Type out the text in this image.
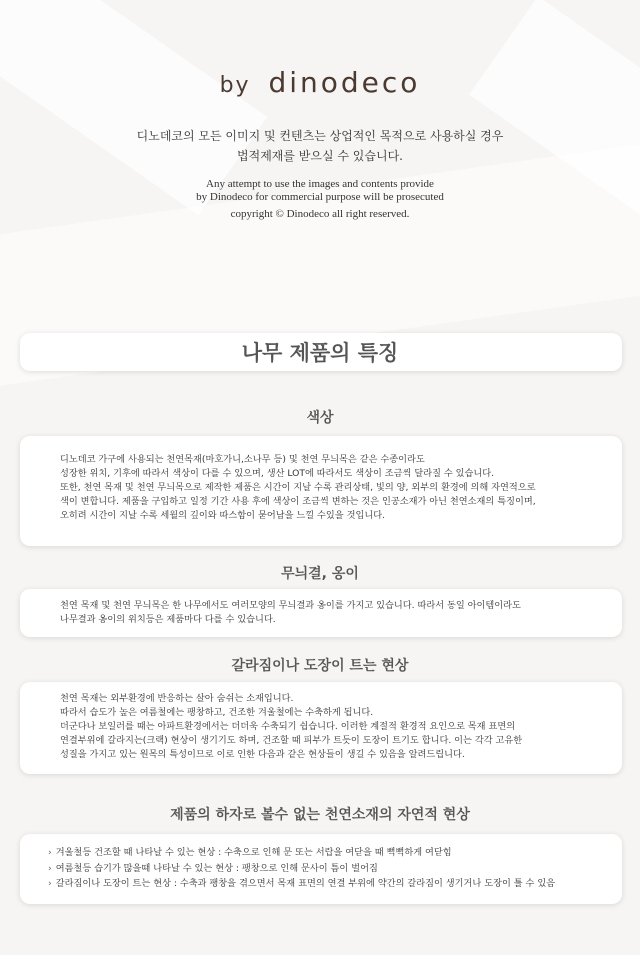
by dinodeco
디노데코의 모든 이미지 및 컨텐츠는 상업적인 목적으로 사용하실 경우
법적제재를 받으실 수 있습니다.
Any attempt to use the images and contents provide
by Dinodeco for commercial purpose will be prosecuted
copyright © Dinodeco all right reserved.
나무 제품의 특징
색상

디노데코 가구에 사용되는 천연목재(마호가니,소나무 등) 및 천연 무늬목은 같은 수종이라도

성장한 위치, 기후에 따라서 색상이 다를 수 있으며, 생산 LOT에 따라서도 색상이 조금씩 달라질 수 있습니다.

또한, 천연 목재 및 천연 무늬목으로 제작한 제품은 시간이 지날 수록 관리상태, 빛의 양, 외부의 환경에 의해 자연적으로

색이 변합니다. 제품을 구입하고 일정 기간 사용 후에 색상이 조금씩 변하는 것은 인공소재가 아닌 천연소재의 특징이며,

오히려 시간이 지날 수록 세월의 깊이와 따스함이 묻어남을 느낄 수있을 것입니다.

무늬결, 옹이

천연 목재 및 천연 무늬목은 한 나무에서도 여러모양의 무늬결과 옹이를 가지고 있습니다. 따라서 동일 아이템이라도

나무결과 옹이의 위치등은 제품마다 다를 수 있습니다.

갈라짐이나 도장이 트는 현상

천연 목재는 외부환경에 반응하는 살아 숨쉬는 소재입니다.

따라서 습도가 높은 여름철에는 팽창하고, 건조한 겨울철에는 수축하게 됩니다.

더군다나 보일러를 때는 아파트환경에서는 더더욱 수축되기 쉽습니다. 이러한 계절적 환경적 요인으로 목재 표면의

연결부위에 갈라지는(크랙) 현상이 생기기도 하며, 건조할 때 피부가 트듯이 도장이 트기도 합니다. 이는 각각 고유한

성질을 가지고 있는 원목의 특성이므로 이로 인한 다음과 같은 현상들이 생길 수 있음을 알려드립니다.

제품의 하자로 볼수 없는 천연소재의 자연적 현상

› 겨울철등 건조할 때 나타날 수 있는 현상 : 수축으로 인해 문 또는 서랍을 여닫을 때 뻑뻑하게 여닫힘

› 여름철등 습기가 많을때 나타날 수 있는 현상 : 팽창으로 인해 문사이 틈이 벌어짐

› 갈라짐이나 도장이 트는 현상 : 수축과 팽창을 겪으면서 목재 표면의 연결 부위에 약간의 갈라짐이 생기거나 도장이 틀 수 있음
